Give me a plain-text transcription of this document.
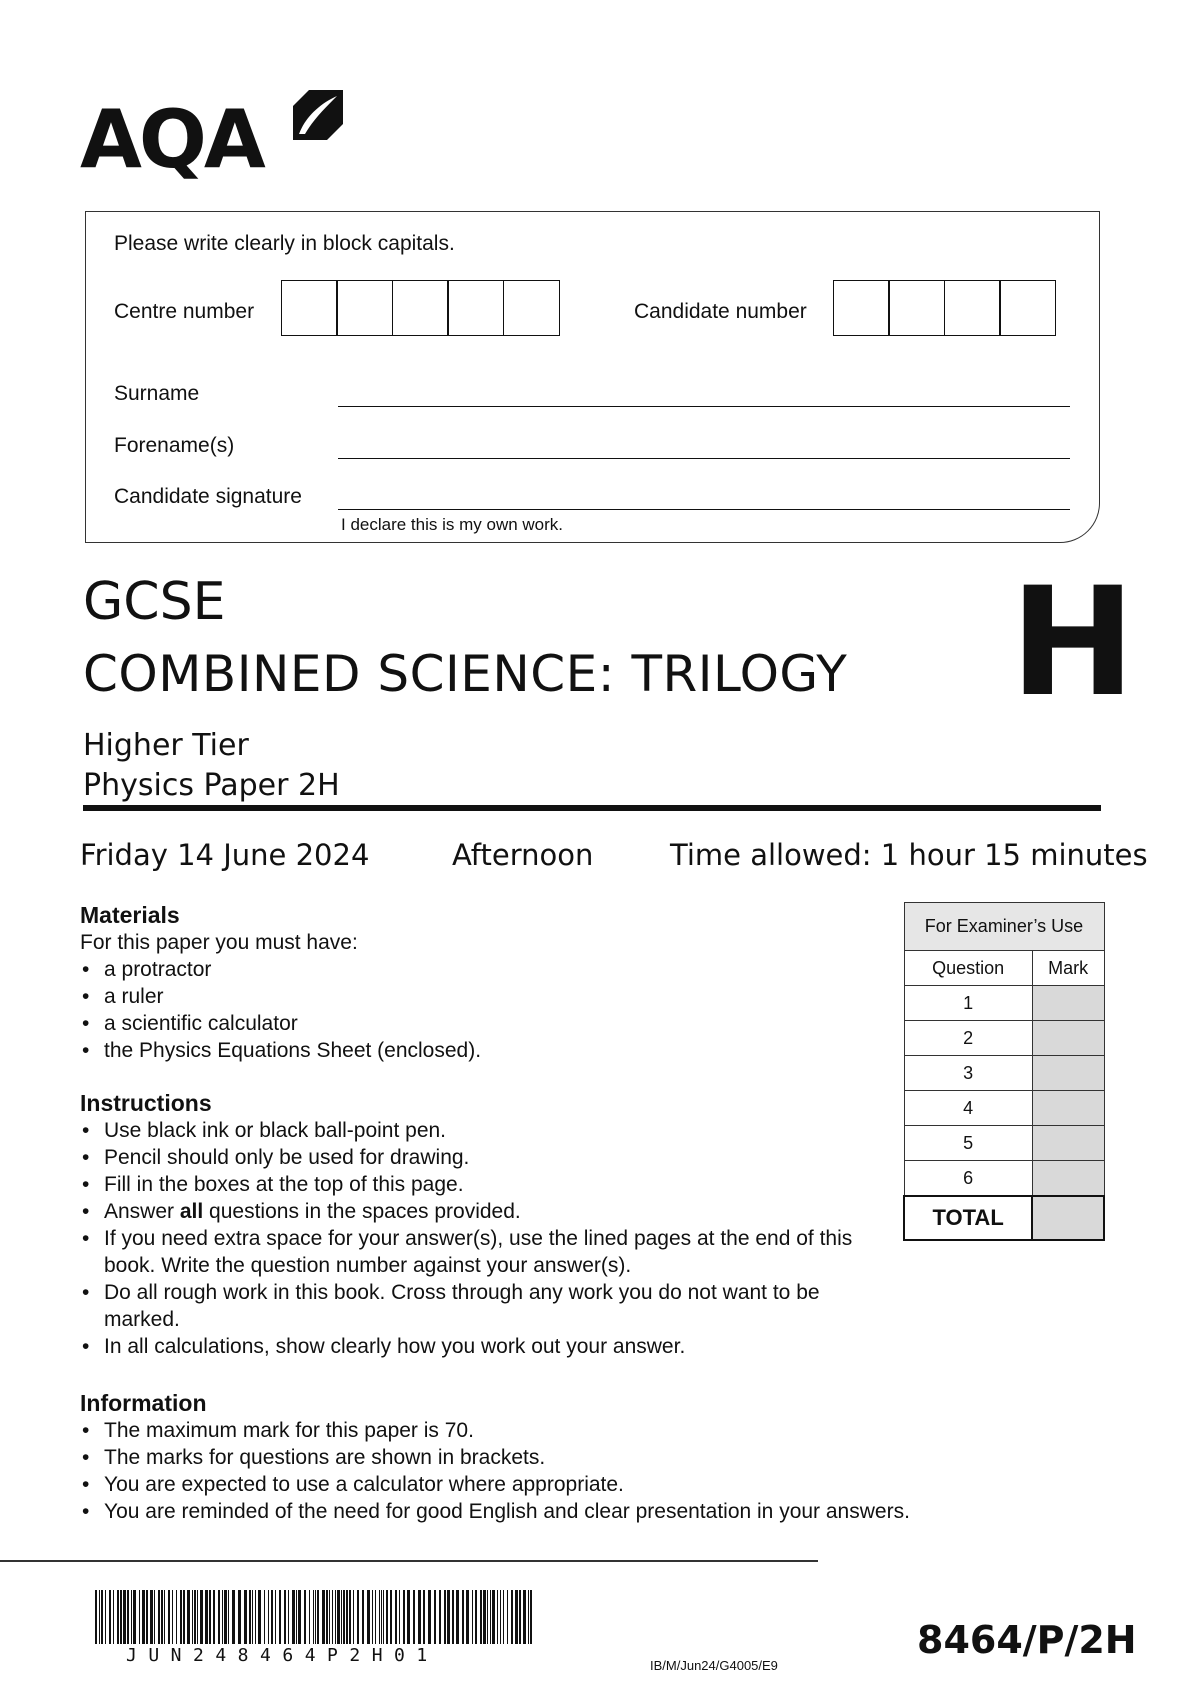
AQA
Please write clearly in block capitals.
Centre number	Candidate number
Surname
Forename(s)
Candidate signature
I declare this is my own work.
GCSE
COMBINED SCIENCE: TRILOGY H
Higher Tier
Physics Paper 2H
Friday 14 June 2024	Afternoon	Time allowed: 1 hour 15 minutes
Materials
For this paper you must have:
• a protractor
• a ruler
• a scientific calculator
• the Physics Equations Sheet (enclosed).
Instructions
• Use black ink or black ball-point pen.
• Pencil should only be used for drawing.
• Fill in the boxes at the top of this page.
• Answer all questions in the spaces provided.
• If you need extra space for your answer(s), use the lined pages at the end of this book. Write the question number against your answer(s).
• Do all rough work in this book. Cross through any work you do not want to be marked.
• In all calculations, show clearly how you work out your answer.
Information
• The maximum mark for this paper is 70.
• The marks for questions are shown in brackets.
• You are expected to use a calculator where appropriate.
• You are reminded of the need for good English and clear presentation in your answers.
For Examiner’s Use	
Question	Mark
1	
2	
3	
4	
5	
6	
TOTAL	
JUN248464P2H01	IB/M/Jun24/G4005/E9
8464/P/2H
